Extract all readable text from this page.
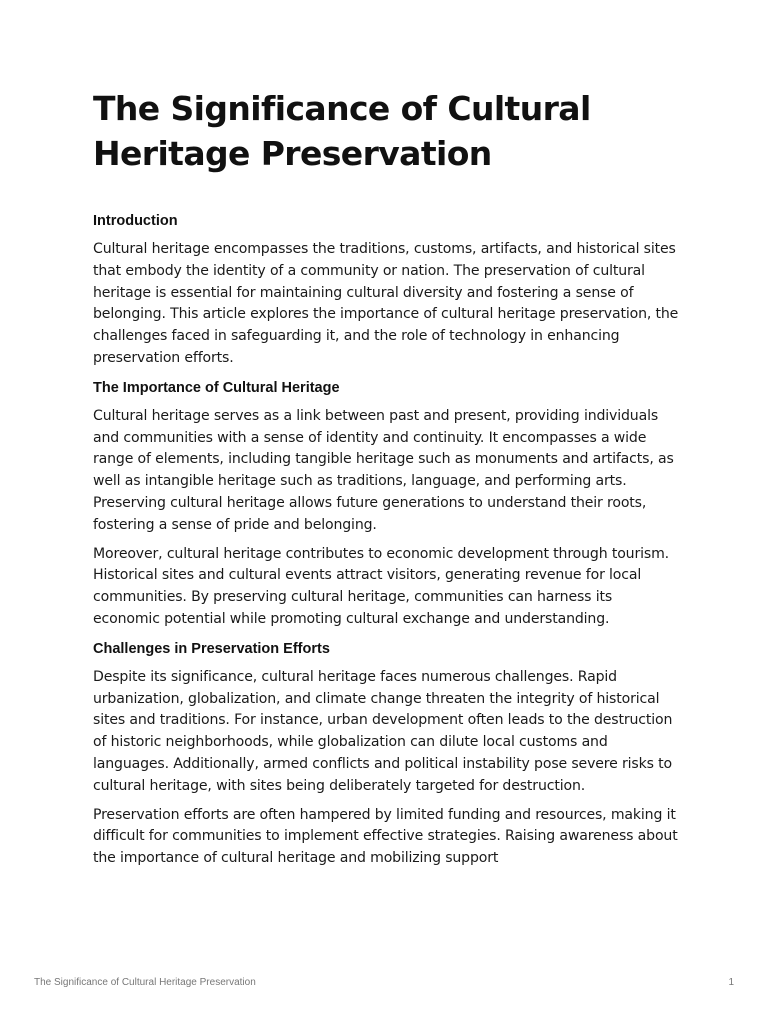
The Significance of Cultural Heritage Preservation
Introduction

Cultural heritage encompasses the traditions, customs, artifacts, and historical sites that embody the identity of a community or nation. The preservation of cultural heritage is essential for maintaining cultural diversity and fostering a sense of belonging. This article explores the importance of cultural heritage preservation, the challenges faced in safeguarding it, and the role of technology in enhancing preservation efforts.

The Importance of Cultural Heritage

Cultural heritage serves as a link between past and present, providing individuals and communities with a sense of identity and continuity. It encompasses a wide range of elements, including tangible heritage such as monuments and artifacts, as well as intangible heritage such as traditions, language, and performing arts. Preserving cultural heritage allows future generations to understand their roots, fostering a sense of pride and belonging.

Moreover, cultural heritage contributes to economic development through tourism. Historical sites and cultural events attract visitors, generating revenue for local communities. By preserving cultural heritage, communities can harness its economic potential while promoting cultural exchange and understanding.

Challenges in Preservation Efforts

Despite its significance, cultural heritage faces numerous challenges. Rapid urbanization, globalization, and climate change threaten the integrity of historical sites and traditions. For instance, urban development often leads to the destruction of historic neighborhoods, while globalization can dilute local customs and languages. Additionally, armed conflicts and political instability pose severe risks to cultural heritage, with sites being deliberately targeted for destruction.

Preservation efforts are often hampered by limited funding and resources, making it difficult for communities to implement effective strategies. Raising awareness about the importance of cultural heritage and mobilizing support

The Significance of Cultural Heritage Preservation	1
